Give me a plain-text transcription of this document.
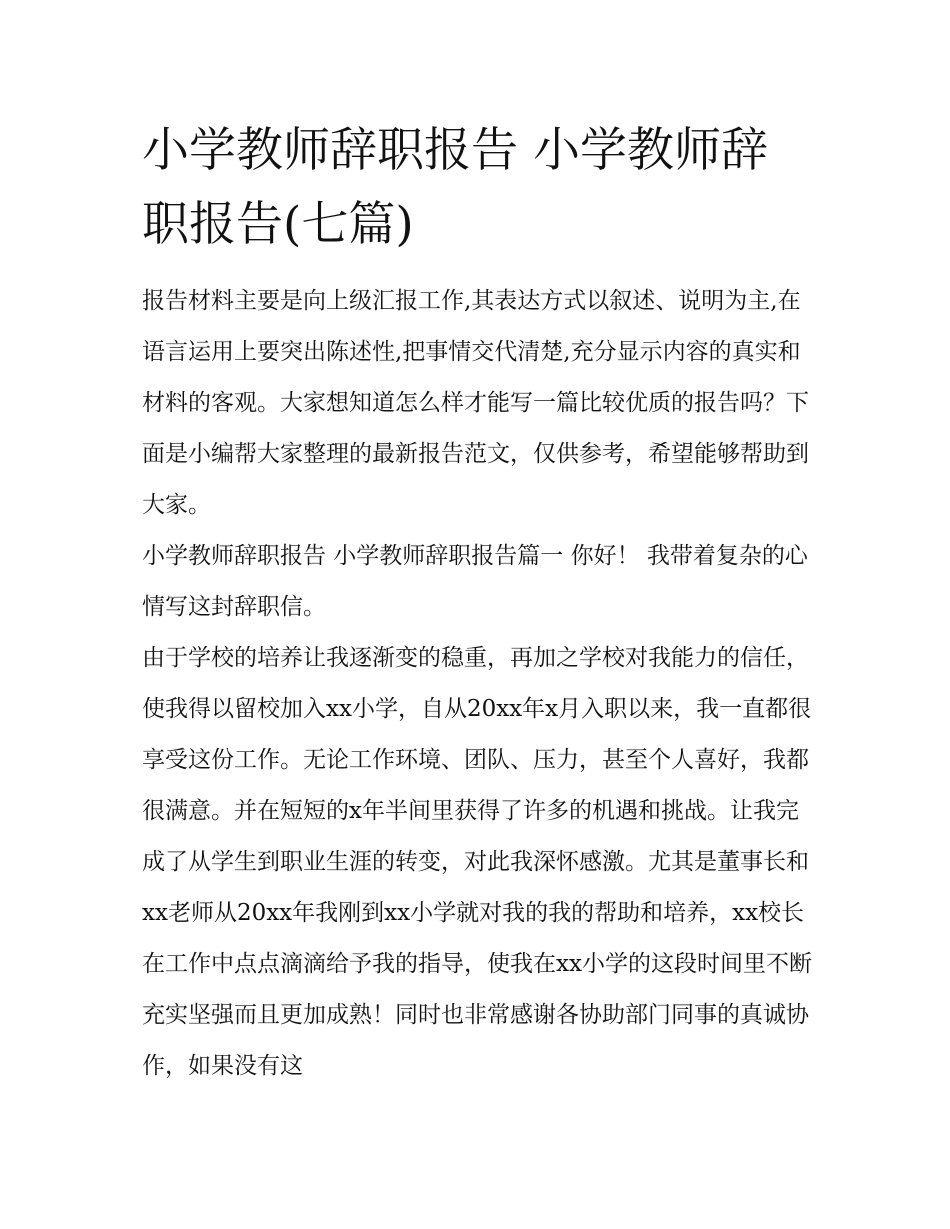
小学教师辞职报告 小学教师辞职报告(七篇)

报告材料主要是向上级汇报工作,其表达方式以叙述、说明为主,在语言运用上要突出陈述性,把事情交代清楚,充分显示内容的真实和材料的客观。大家想知道怎么样才能写一篇比较优质的报告吗？下面是小编帮大家整理的最新报告范文，仅供参考，希望能够帮助到大家。

小学教师辞职报告 小学教师辞职报告篇一 你好！ 我带着复杂的心情写这封辞职信。

由于学校的培养让我逐渐变的稳重，再加之学校对我能力的信任，使我得以留校加入xx小学，自从20xx年x月入职以来，我一直都很享受这份工作。无论工作环境、团队、压力，甚至个人喜好，我都很满意。并在短短的x年半间里获得了许多的机遇和挑战。让我完成了从学生到职业生涯的转变，对此我深怀感激。尤其是董事长和xx老师从20xx年我刚到xx小学就对我的我的帮助和培养，xx校长在工作中点点滴滴给予我的指导，使我在xx小学的这段时间里不断充实坚强而且更加成熟！同时也非常感谢各协助部门同事的真诚协作，如果没有这
